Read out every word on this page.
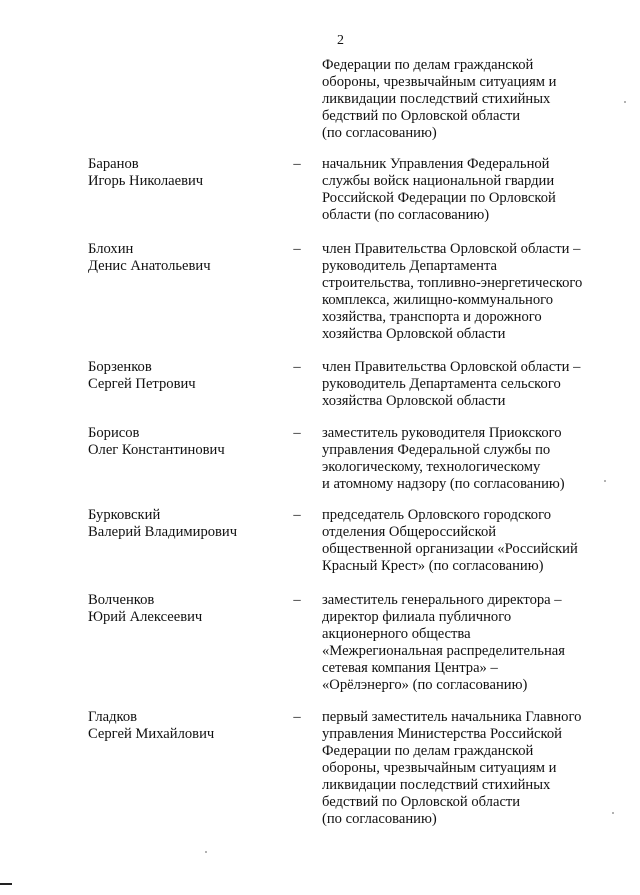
2
Федерации по делам гражданской
обороны, чрезвычайным ситуациям и
ликвидации последствий стихийных
бедствий по Орловской области
(по согласованию)
Баранов
Игорь Николаевич
–	начальник Управления Федеральной
службы войск национальной гвардии
Российской Федерации по Орловской
области (по согласованию)
Блохин
Денис Анатольевич
–	член Правительства Орловской области –
руководитель Департамента
строительства, топливно-энергетического
комплекса, жилищно-коммунального
хозяйства, транспорта и дорожного
хозяйства Орловской области
Борзенков
Сергей Петрович
–	член Правительства Орловской области –
руководитель Департамента сельского
хозяйства Орловской области
Борисов
Олег Константинович
–	заместитель руководителя Приокского
управления Федеральной службы по
экологическому, технологическому
и атомному надзору (по согласованию)
Бурковский
Валерий Владимирович
–	председатель Орловского городского
отделения Общероссийской
общественной организации «Российский
Красный Крест» (по согласованию)
Волченков
Юрий Алексеевич
–	заместитель генерального директора –
директор филиала публичного
акционерного общества
«Межрегиональная распределительная
сетевая компания Центра» –
«Орёлэнерго» (по согласованию)
Гладков
Сергей Михайлович
–	первый заместитель начальника Главного
управления Министерства Российской
Федерации по делам гражданской
обороны, чрезвычайным ситуациям и
ликвидации последствий стихийных
бедствий по Орловской области
(по согласованию)
